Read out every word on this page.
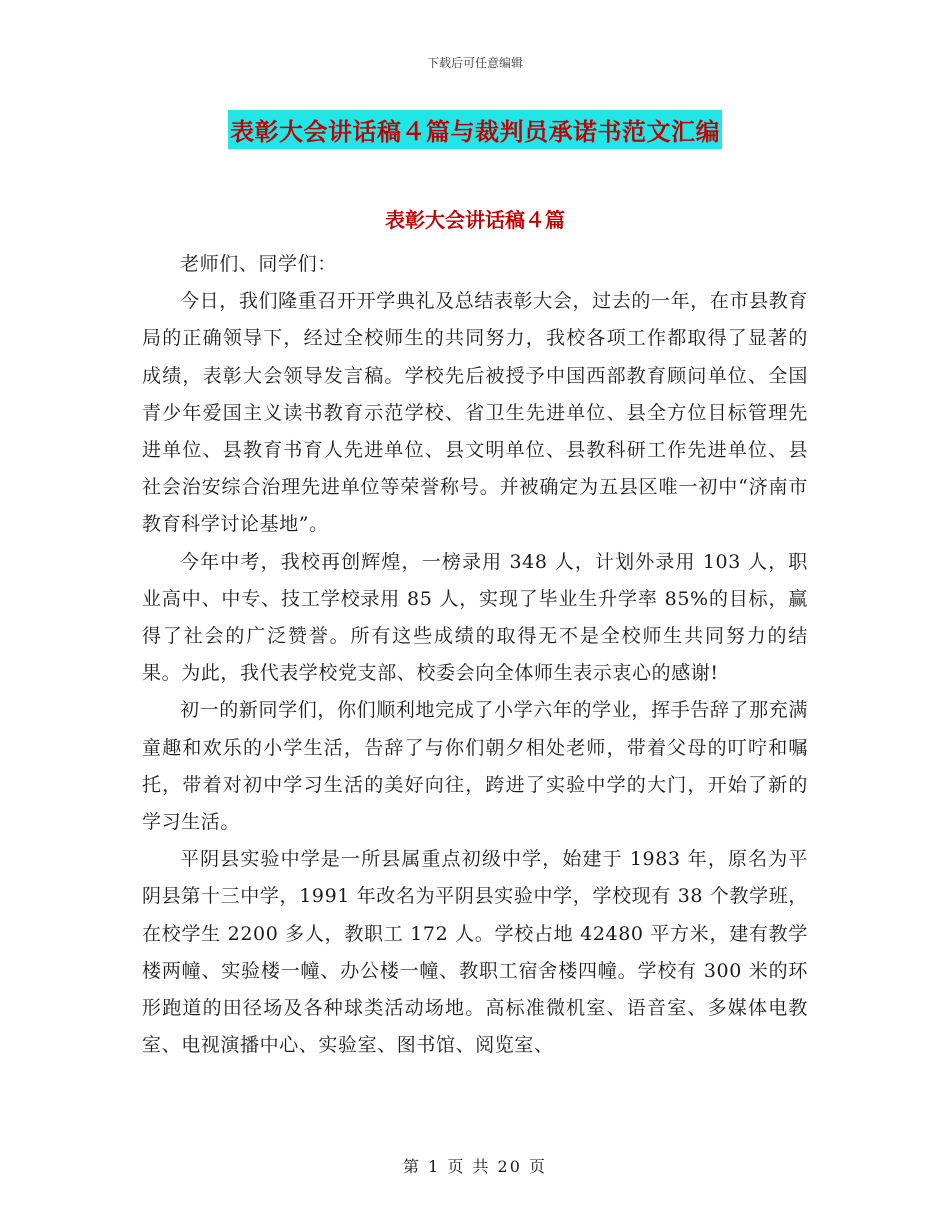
下载后可任意编辑
表彰大会讲话稿４篇与裁判员承诺书范文汇编
表彰大会讲话稿４篇

老师们、同学们：

今日，我们隆重召开开学典礼及总结表彰大会，过去的一年，在市县教育局的正确领导下，经过全校师生的共同努力，我校各项工作都取得了显著的成绩，表彰大会领导发言稿。学校先后被授予中国西部教育顾问单位、全国青少年爱国主义读书教育示范学校、省卫生先进单位、县全方位目标管理先进单位、县教育书育人先进单位、县文明单位、县教科研工作先进单位、县社会治安综合治理先进单位等荣誉称号。并被确定为五县区唯一初中“济南市教育科学讨论基地”。

今年中考，我校再创辉煌，一榜录用 348 人，计划外录用 103 人，职业高中、中专、技工学校录用 85 人，实现了毕业生升学率 85%的目标，赢得了社会的广泛赞誉。所有这些成绩的取得无不是全校师生共同努力的结果。为此，我代表学校党支部、校委会向全体师生表示衷心的感谢!

初一的新同学们，你们顺利地完成了小学六年的学业，挥手告辞了那充满童趣和欢乐的小学生活，告辞了与你们朝夕相处老师，带着父母的叮咛和嘱托，带着对初中学习生活的美好向往，跨进了实验中学的大门，开始了新的学习生活。

平阴县实验中学是一所县属重点初级中学，始建于 1983 年，原名为平阴县第十三中学，1991 年改名为平阴县实验中学，学校现有 38 个教学班，在校学生 2200 多人，教职工 172 人。学校占地 42480 平方米，建有教学楼两幢、实验楼一幢、办公楼一幢、教职工宿舍楼四幢。学校有 300 米的环形跑道的田径场及各种球类活动场地。高标准微机室、语音室、多媒体电教室、电视演播中心、实验室、图书馆、阅览室、

第 1 页 共 20 页
